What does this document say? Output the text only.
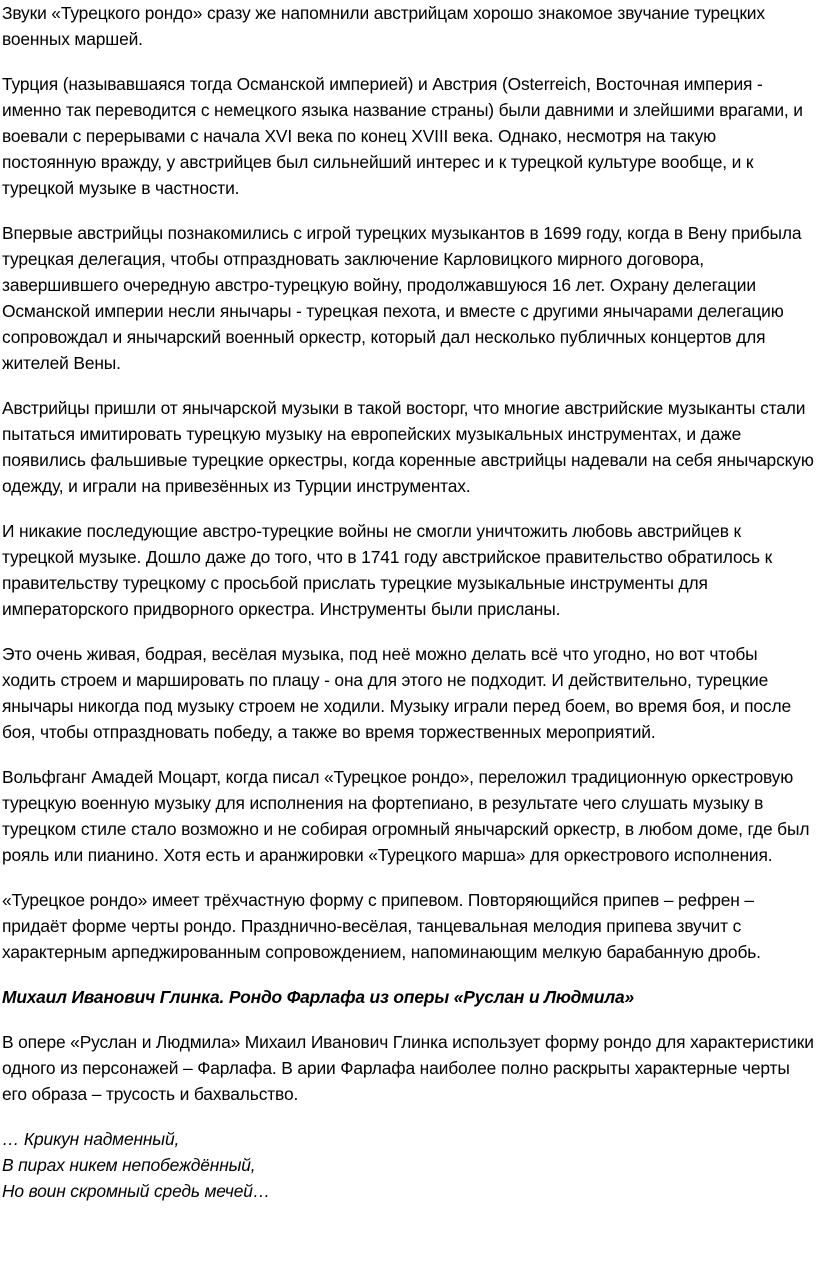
Звуки «Турецкого рондо» сразу же напомнили австрийцам хорошо знакомое звучание турецких военных маршей.

Турция (называвшаяся тогда Османской империей) и Австрия (Osterreich, Восточная империя - именно так переводится с немецкого языка название страны) были давними и злейшими врагами, и воевали с перерывами с начала XVI века по конец XVIII века. Однако, несмотря на такую постоянную вражду, у австрийцев был сильнейший интерес и к турецкой культуре вообще, и к турецкой музыке в частности.

Впервые австрийцы познакомились с игрой турецких музыкантов в 1699 году, когда в Вену прибыла турецкая делегация, чтобы отпраздновать заключение Карловицкого мирного договора, завершившего очередную австро-турецкую войну, продолжавшуюся 16 лет. Охрану делегации Османской империи несли янычары - турецкая пехота, и вместе с другими янычарами делегацию сопровождал и янычарский военный оркестр, который дал несколько публичных концертов для жителей Вены.

Австрийцы пришли от янычарской музыки в такой восторг, что многие австрийские музыканты стали пытаться имитировать турецкую музыку на европейских музыкальных инструментах, и даже появились фальшивые турецкие оркестры, когда коренные австрийцы надевали на себя янычарскую одежду, и играли на привезённых из Турции инструментах.

И никакие последующие австро-турецкие войны не смогли уничтожить любовь австрийцев к турецкой музыке. Дошло даже до того, что в 1741 году австрийское правительство обратилось к правительству турецкому с просьбой прислать турецкие музыкальные инструменты для императорского придворного оркестра. Инструменты были присланы.

Это очень живая, бодрая, весёлая музыка, под неё можно делать всё что угодно, но вот чтобы ходить строем и маршировать по плацу - она для этого не подходит. И действительно, турецкие янычары никогда под музыку строем не ходили. Музыку играли перед боем, во время боя, и после боя, чтобы отпраздновать победу, а также во время торжественных мероприятий.

Вольфганг Амадей Моцарт, когда писал «Турецкое рондо», переложил традиционную оркестровую турецкую военную музыку для исполнения на фортепиано, в результате чего слушать музыку в турецком стиле стало возможно и не собирая огромный янычарский оркестр, в любом доме, где был рояль или пианино. Хотя есть и аранжировки «Турецкого марша» для оркестрового исполнения.

«Турецкое рондо» имеет трёхчастную форму с припевом. Повторяющийся припев – рефрен – придаёт форме черты рондо. Празднично-весёлая, танцевальная мелодия припева звучит с характерным арпеджированным сопровождением, напоминающим мелкую барабанную дробь.

Михаил Иванович Глинка. Рондо Фарлафа из оперы «Руслан и Людмила»

В опере «Руслан и Людмила» Михаил Иванович Глинка использует форму рондо для характеристики одного из персонажей – Фарлафа. В арии Фарлафа наиболее полно раскрыты характерные черты его образа – трусость и бахвальство.

… Крикун надменный,
В пирах никем непобеждённый,
Но воин скромный средь мечей…
